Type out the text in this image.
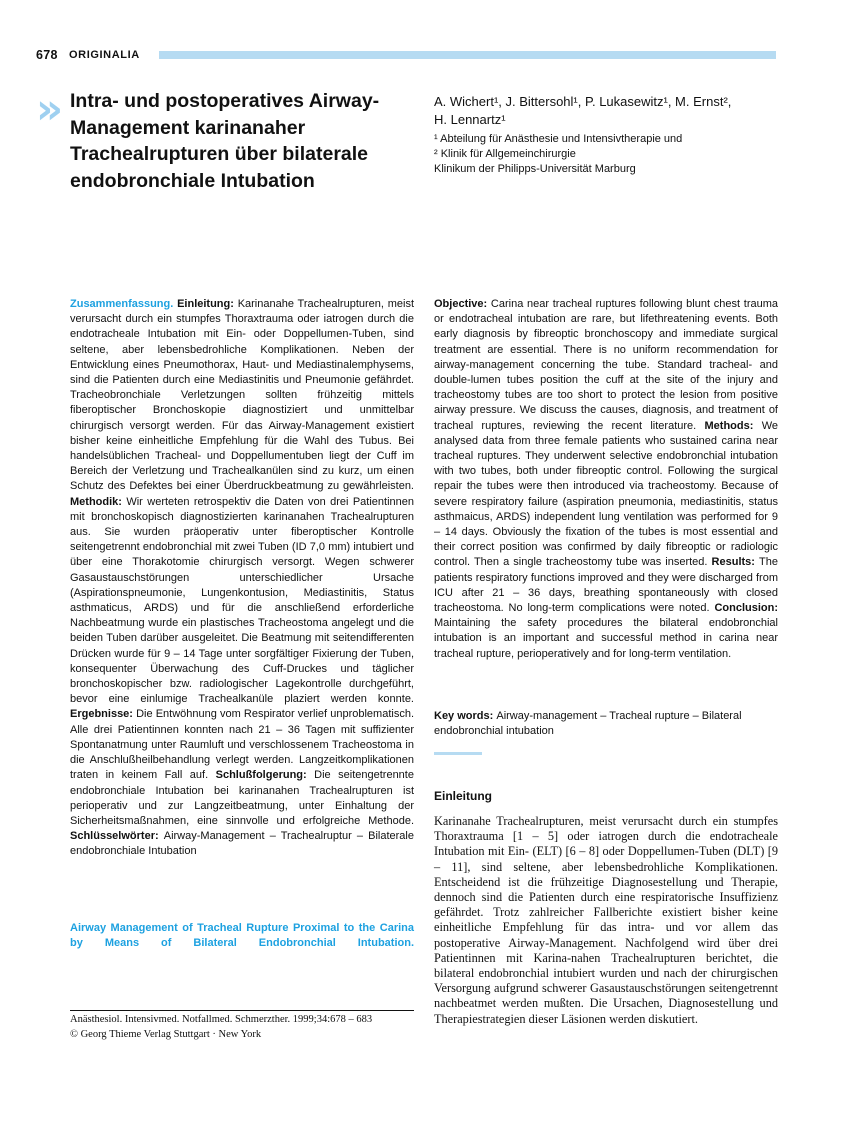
678 ORIGINALIA
» Intra- und postoperatives Airway-
Management karinanaher
Trachealrupturen über bilaterale
endobronchiale Intubation

A. Wichert¹, J. Bittersohl¹, P. Lukasewitz¹, M. Ernst²,
H. Lennartz¹

¹ Abteilung für Anästhesie und Intensivtherapie und
² Klinik für Allgemeinchirurgie
Klinikum der Philipps-Universität Marburg
Zusammenfassung. Einleitung: Karinanahe Trachealrupturen, meist verursacht durch ein stumpfes Thoraxtrauma oder iatrogen durch die endotracheale Intubation mit Ein- oder Doppellumen-Tuben, sind seltene, aber lebensbedrohliche Komplikationen. Neben der Entwicklung eines Pneumothorax, Haut- und Mediastinalemphysems, sind die Patienten durch eine Mediastinitis und Pneumonie gefährdet. Tracheobronchiale Verletzungen sollten frühzeitig mittels fiberoptischer Bronchoskopie diagnostiziert und unmittelbar chirurgisch versorgt werden. Für das Airway-Management existiert bisher keine einheitliche Empfehlung für die Wahl des Tubus. Bei handelsüblichen Tracheal- und Doppellumentuben liegt der Cuff im Bereich der Verletzung und Trachealkanülen sind zu kurz, um einen Schutz des Defektes bei einer Überdruckbeatmung zu gewährleisten. Methodik: Wir werteten retrospektiv die Daten von drei Patientinnen mit bronchoskopisch diagnostizierten karinanahen Trachealrupturen aus. Sie wurden präoperativ unter fiberoptischer Kontrolle seitengetrennt endobronchial mit zwei Tuben (ID 7,0 mm) intubiert und über eine Thorakotomie chirurgisch versorgt. Wegen schwerer Gasaustauschstörungen unterschiedlicher Ursache (Aspirationspneumonie, Lungenkontusion, Mediastinitis, Status asthmaticus, ARDS) und für die anschließend erforderliche Nachbeatmung wurde ein plastisches Tracheostoma angelegt und die beiden Tuben darüber ausgeleitet. Die Beatmung mit seitendifferenten Drücken wurde für 9 – 14 Tage unter sorgfältiger Fixierung der Tuben, konsequenter Überwachung des Cuff-Druckes und täglicher bronchoskopischer bzw. radiologischer Lagekontrolle durchgeführt, bevor eine einlumige Trachealkanüle plaziert werden konnte. Ergebnisse: Die Entwöhnung vom Respirator verlief unproblematisch. Alle drei Patientinnen konnten nach 21 – 36 Tagen mit suffizienter Spontanatmung unter Raumluft und verschlossenem Tracheostoma in die Anschlußheilbehandlung verlegt werden. Langzeitkomplikationen traten in keinem Fall auf. Schlußfolgerung: Die seitengetrennte endobronchiale Intubation bei karinanahen Trachealrupturen ist perioperativ und zur Langzeitbeatmung, unter Einhaltung der Sicherheitsmaßnahmen, eine sinnvolle und erfolgreiche Methode. Schlüsselwörter: Airway-Management – Trachealruptur – Bilaterale endobronchiale Intubation
Airway Management of Tracheal Rupture Proximal to the Carina by Means of Bilateral Endobronchial Intubation.
Anästhesiol. Intensivmed. Notfallmed. Schmerzther. 1999;34:678 – 683
© Georg Thieme Verlag Stuttgart · New York
Objective: Carina near tracheal ruptures following blunt chest trauma or endotracheal intubation are rare, but lifethreatening events. Both early diagnosis by fibreoptic bronchoscopy and immediate surgical treatment are essential. There is no uniform recommendation for airway-management concerning the tube. Standard tracheal- and double-lumen tubes position the cuff at the site of the injury and tracheostomy tubes are too short to protect the lesion from positive airway pressure. We discuss the causes, diagnosis, and treatment of tracheal ruptures, reviewing the recent literature. Methods: We analysed data from three female patients who sustained carina near tracheal ruptures. They underwent selective endobronchial intubation with two tubes, both under fibreoptic control. Following the surgical repair the tubes were then introduced via tracheostomy. Because of severe respiratory failure (aspiration pneumonia, mediastinitis, status asthmaicus, ARDS) independent lung ventilation was performed for 9 – 14 days. Obviously the fixation of the tubes is most essential and their correct position was confirmed by daily fibreoptic or radiologic control. Then a single tracheostomy tube was inserted. Results: The patients respiratory functions improved and they were discharged from ICU after 21 – 36 days, breathing spontaneously with closed tracheostoma. No long-term complications were noted. Conclusion: Maintaining the safety procedures the bilateral endobronchial intubation is an important and successful method in carina near tracheal rupture, perioperatively and for long-term ventilation.
Key words: Airway-management – Tracheal rupture – Bilateral endobronchial intubation
Einleitung
Karinanahe Trachealrupturen, meist verursacht durch ein stumpfes Thoraxtrauma [1 – 5] oder iatrogen durch die endotracheale Intubation mit Ein- (ELT) [6 – 8] oder Doppellumen-Tuben (DLT) [9 – 11], sind seltene, aber lebensbedrohliche Komplikationen. Entscheidend ist die frühzeitige Diagnosestellung und Therapie, dennoch sind die Patienten durch eine respiratorische Insuffizienz gefährdet. Trotz zahlreicher Fallberichte existiert bisher keine einheitliche Empfehlung für das intra- und vor allem das postoperative Airway-Management. Nachfolgend wird über drei Patientinnen mit Karina-nahen Trachealrupturen berichtet, die bilateral endobronchial intubiert wurden und nach der chirurgischen Versorgung aufgrund schwerer Gasaustauschstörungen seitengetrennt nachbeatmet werden mußten. Die Ursachen, Diagnosestellung und Therapiestrategien dieser Läsionen werden diskutiert.
